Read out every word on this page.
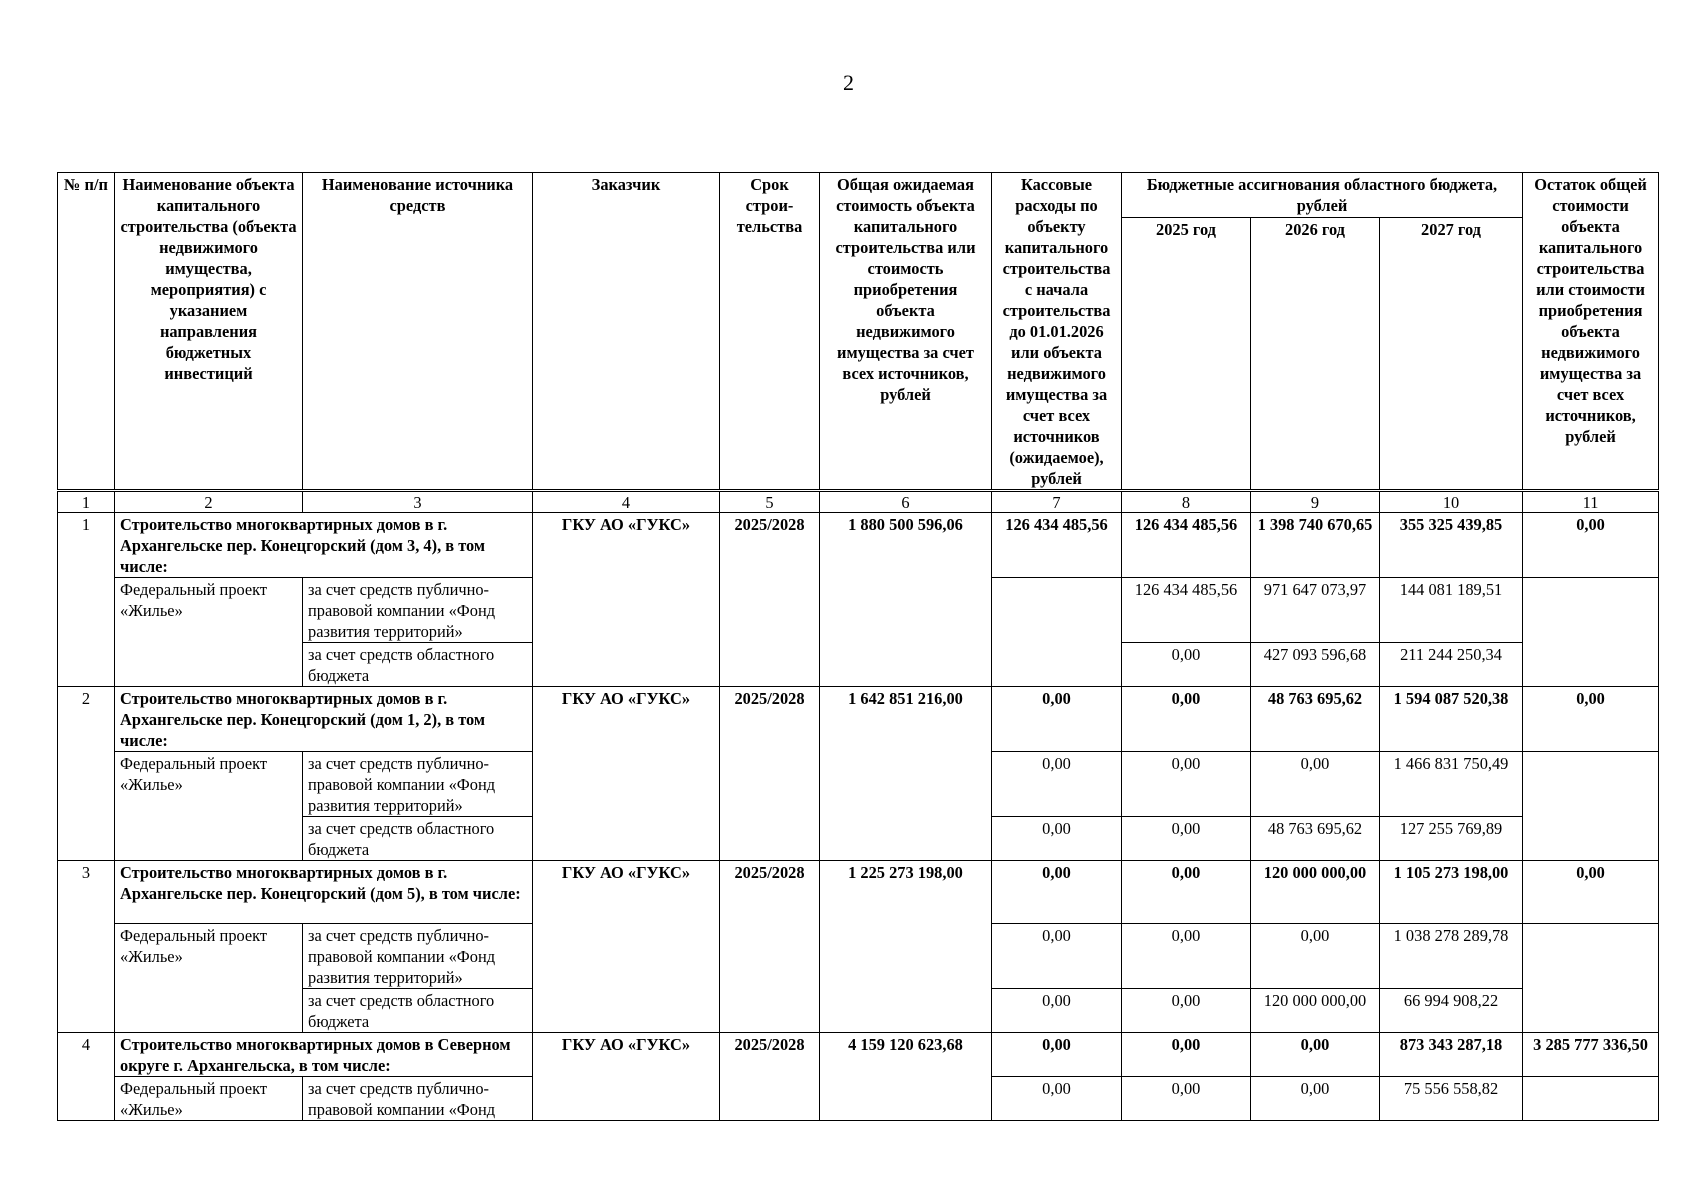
2
№ п/п	Наименование объекта капитального строительства (объекта недвижимого имущества, мероприятия) с указанием направления бюджетных инвестиций	Наименование источника средств	Заказчик	Срок строи-тельства	Общая ожидаемая стоимость объекта капитального строительства или стоимость приобретения объекта недвижимого имущества за счет всех источников, рублей	Кассовые расходы по объекту капитального строительства с начала строительства до 01.01.2026 или объекта недвижимого имущества за счет всех источников (ожидаемое), рублей	Бюджетные ассигнования областного бюджета, рублей			Остаток общей стоимости объекта капитального строительства или стоимости приобретения объекта недвижимого имущества за счет всех источников, рублей
							2025 год	2026 год	2027 год	
1	2	3	4	5	6	7	8	9	10	11
1	Строительство многоквартирных домов в г. Архангельске пер. Конецгорский (дом 3, 4), в том числе:		ГКУ АО «ГУКС»	2025/2028	1 880 500 596,06	126 434 485,56	126 434 485,56	1 398 740 670,65	355 325 439,85	0,00
	Федеральный проект «Жилье»	за счет средств публично-правовой компании «Фонд развития территорий»					126 434 485,56	971 647 073,97	144 081 189,51	
		за счет средств областного бюджета					0,00	427 093 596,68	211 244 250,34	
2	Строительство многоквартирных домов в г. Архангельске пер. Конецгорский (дом 1, 2), в том числе:		ГКУ АО «ГУКС»	2025/2028	1 642 851 216,00	0,00	0,00	48 763 695,62	1 594 087 520,38	0,00
	Федеральный проект «Жилье»	за счет средств публично-правовой компании «Фонд развития территорий»				0,00	0,00	0,00	1 466 831 750,49	
		за счет средств областного бюджета				0,00	0,00	48 763 695,62	127 255 769,89	
3	Строительство многоквартирных домов в г. Архангельске пер. Конецгорский (дом 5), в том числе:		ГКУ АО «ГУКС»	2025/2028	1 225 273 198,00	0,00	0,00	120 000 000,00	1 105 273 198,00	0,00
	Федеральный проект «Жилье»	за счет средств публично-правовой компании «Фонд развития территорий»				0,00	0,00	0,00	1 038 278 289,78	
		за счет средств областного бюджета				0,00	0,00	120 000 000,00	66 994 908,22	
4	Строительство многоквартирных домов в Северном округе г. Архангельска, в том числе:		ГКУ АО «ГУКС»	2025/2028	4 159 120 623,68	0,00	0,00	0,00	873 343 287,18	3 285 777 336,50
	Федеральный проект «Жилье»	за счет средств публично-правовой компании «Фонд				0,00	0,00	0,00	75 556 558,82	
